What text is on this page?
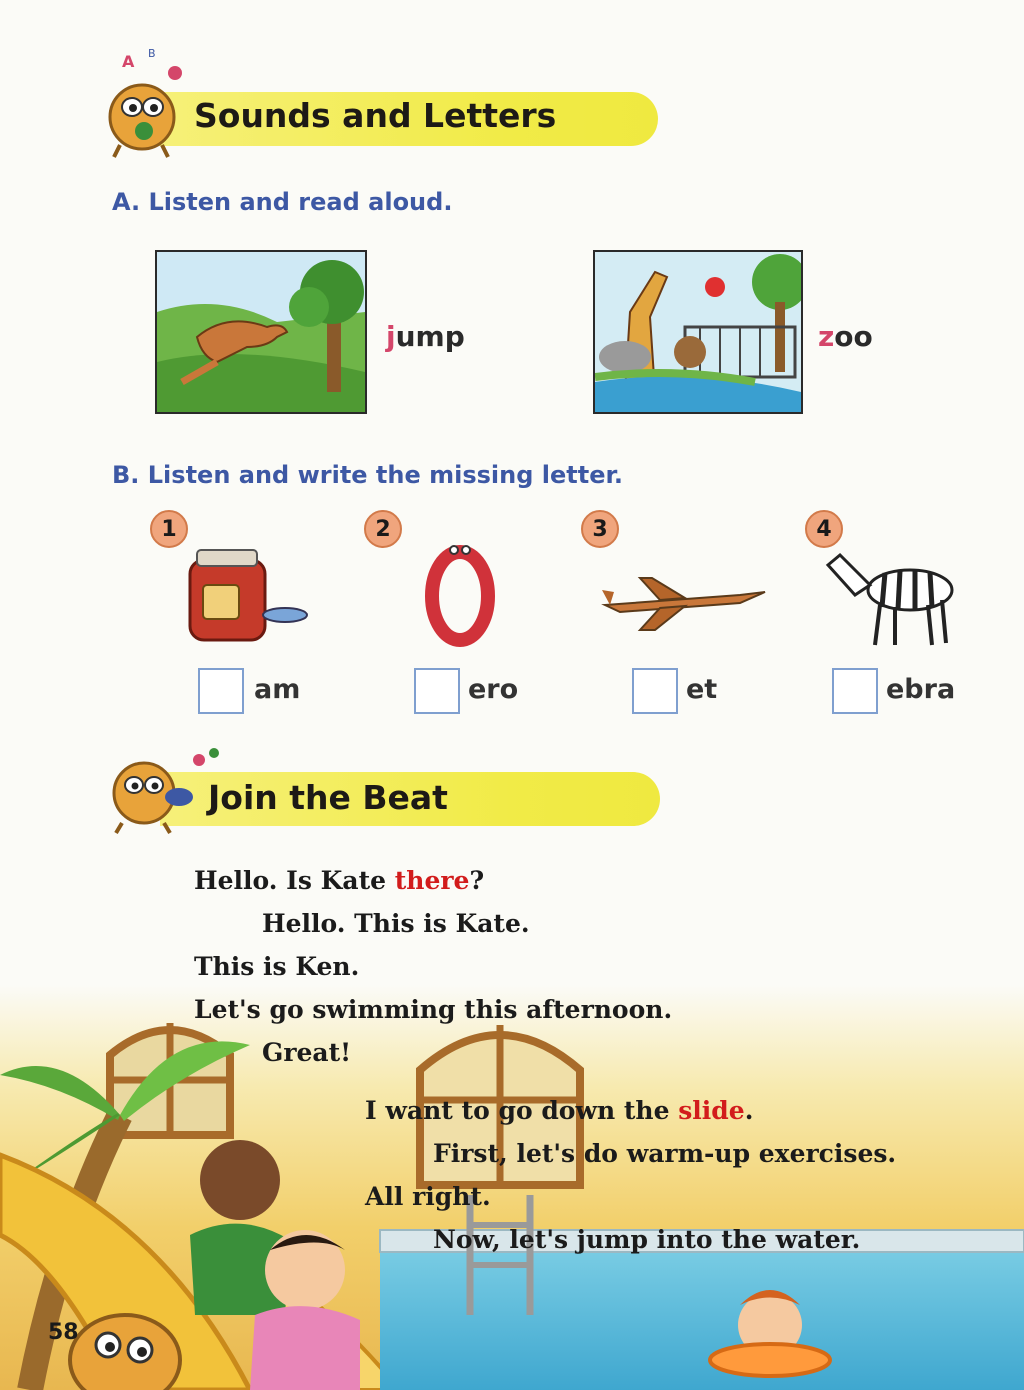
A B
Sounds and Letters
A. Listen and read aloud.
jump	zoo
B. Listen and write the missing letter.
1
am
2
ero
3
et
4
ebra
Join the Beat
Hello. Is Kate there?
Hello. This is Kate.
This is Ken.
Let's go swimming this afternoon.
Great!
I want to go down the slide.
First, let's do warm-up exercises.
All right.
Now, let's jump into the water.
58
